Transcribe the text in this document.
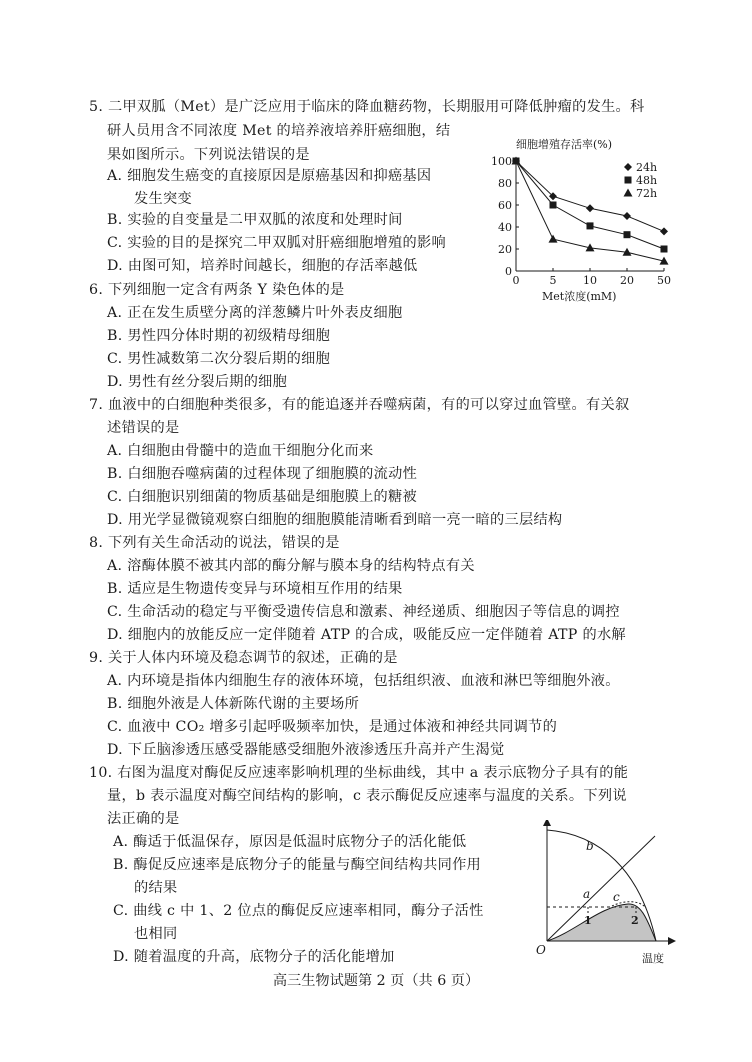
5. 二甲双胍（Met）是广泛应用于临床的降血糖药物，长期服用可降低肿瘤的发生。科
研人员用含不同浓度 Met 的培养液培养肝癌细胞，结
果如图所示。下列说法错误的是
A. 细胞发生癌变的直接原因是原癌基因和抑癌基因
发生突变
B. 实验的自变量是二甲双胍的浓度和处理时间
C. 实验的目的是探究二甲双胍对肝癌细胞增殖的影响
D. 由图可知，培养时间越长，细胞的存活率越低
细胞增殖存活率(%)
0
20
40
60
80
100
0	5 10 20 50
24h
48h
72h
Met浓度(mM)
6. 下列细胞一定含有两条 Y 染色体的是
A. 正在发生质壁分离的洋葱鳞片叶外表皮细胞
B. 男性四分体时期的初级精母细胞
C. 男性减数第二次分裂后期的细胞
D. 男性有丝分裂后期的细胞
7. 血液中的白细胞种类很多，有的能追逐并吞噬病菌，有的可以穿过血管壁。有关叙
述错误的是
A. 白细胞由骨髓中的造血干细胞分化而来
B. 白细胞吞噬病菌的过程体现了细胞膜的流动性
C. 白细胞识别细菌的物质基础是细胞膜上的糖被
D. 用光学显微镜观察白细胞的细胞膜能清晰看到暗一亮一暗的三层结构
8. 下列有关生命活动的说法，错误的是
A. 溶酶体膜不被其内部的酶分解与膜本身的结构特点有关
B. 适应是生物遗传变异与环境相互作用的结果
C. 生命活动的稳定与平衡受遗传信息和激素、神经递质、细胞因子等信息的调控
D. 细胞内的放能反应一定伴随着 ATP 的合成，吸能反应一定伴随着 ATP 的水解
9. 关于人体内环境及稳态调节的叙述，正确的是
A. 内环境是指体内细胞生存的液体环境，包括组织液、血液和淋巴等细胞外液。
B. 细胞外液是人体新陈代谢的主要场所
C. 血液中 CO₂ 增多引起呼吸频率加快，是通过体液和神经共同调节的
D. 下丘脑渗透压感受器能感受细胞外液渗透压升高并产生渴觉
10. 右图为温度对酶促反应速率影响机理的坐标曲线，其中 a 表示底物分子具有的能
量，b 表示温度对酶空间结构的影响，c 表示酶促反应速率与温度的关系。下列说
法正确的是
A. 酶适于低温保存，原因是低温时底物分子的活化能低
B. 酶促反应速率是底物分子的能量与酶空间结构共同作用
的结果
C. 曲线 c 中 1、2 位点的酶促反应速率相同，酶分子活性
也相同
D. 随着温度的升高，底物分子的活化能增加
b
a c
1	2
O
温度
高三生物试题第 2 页（共 6 页）
